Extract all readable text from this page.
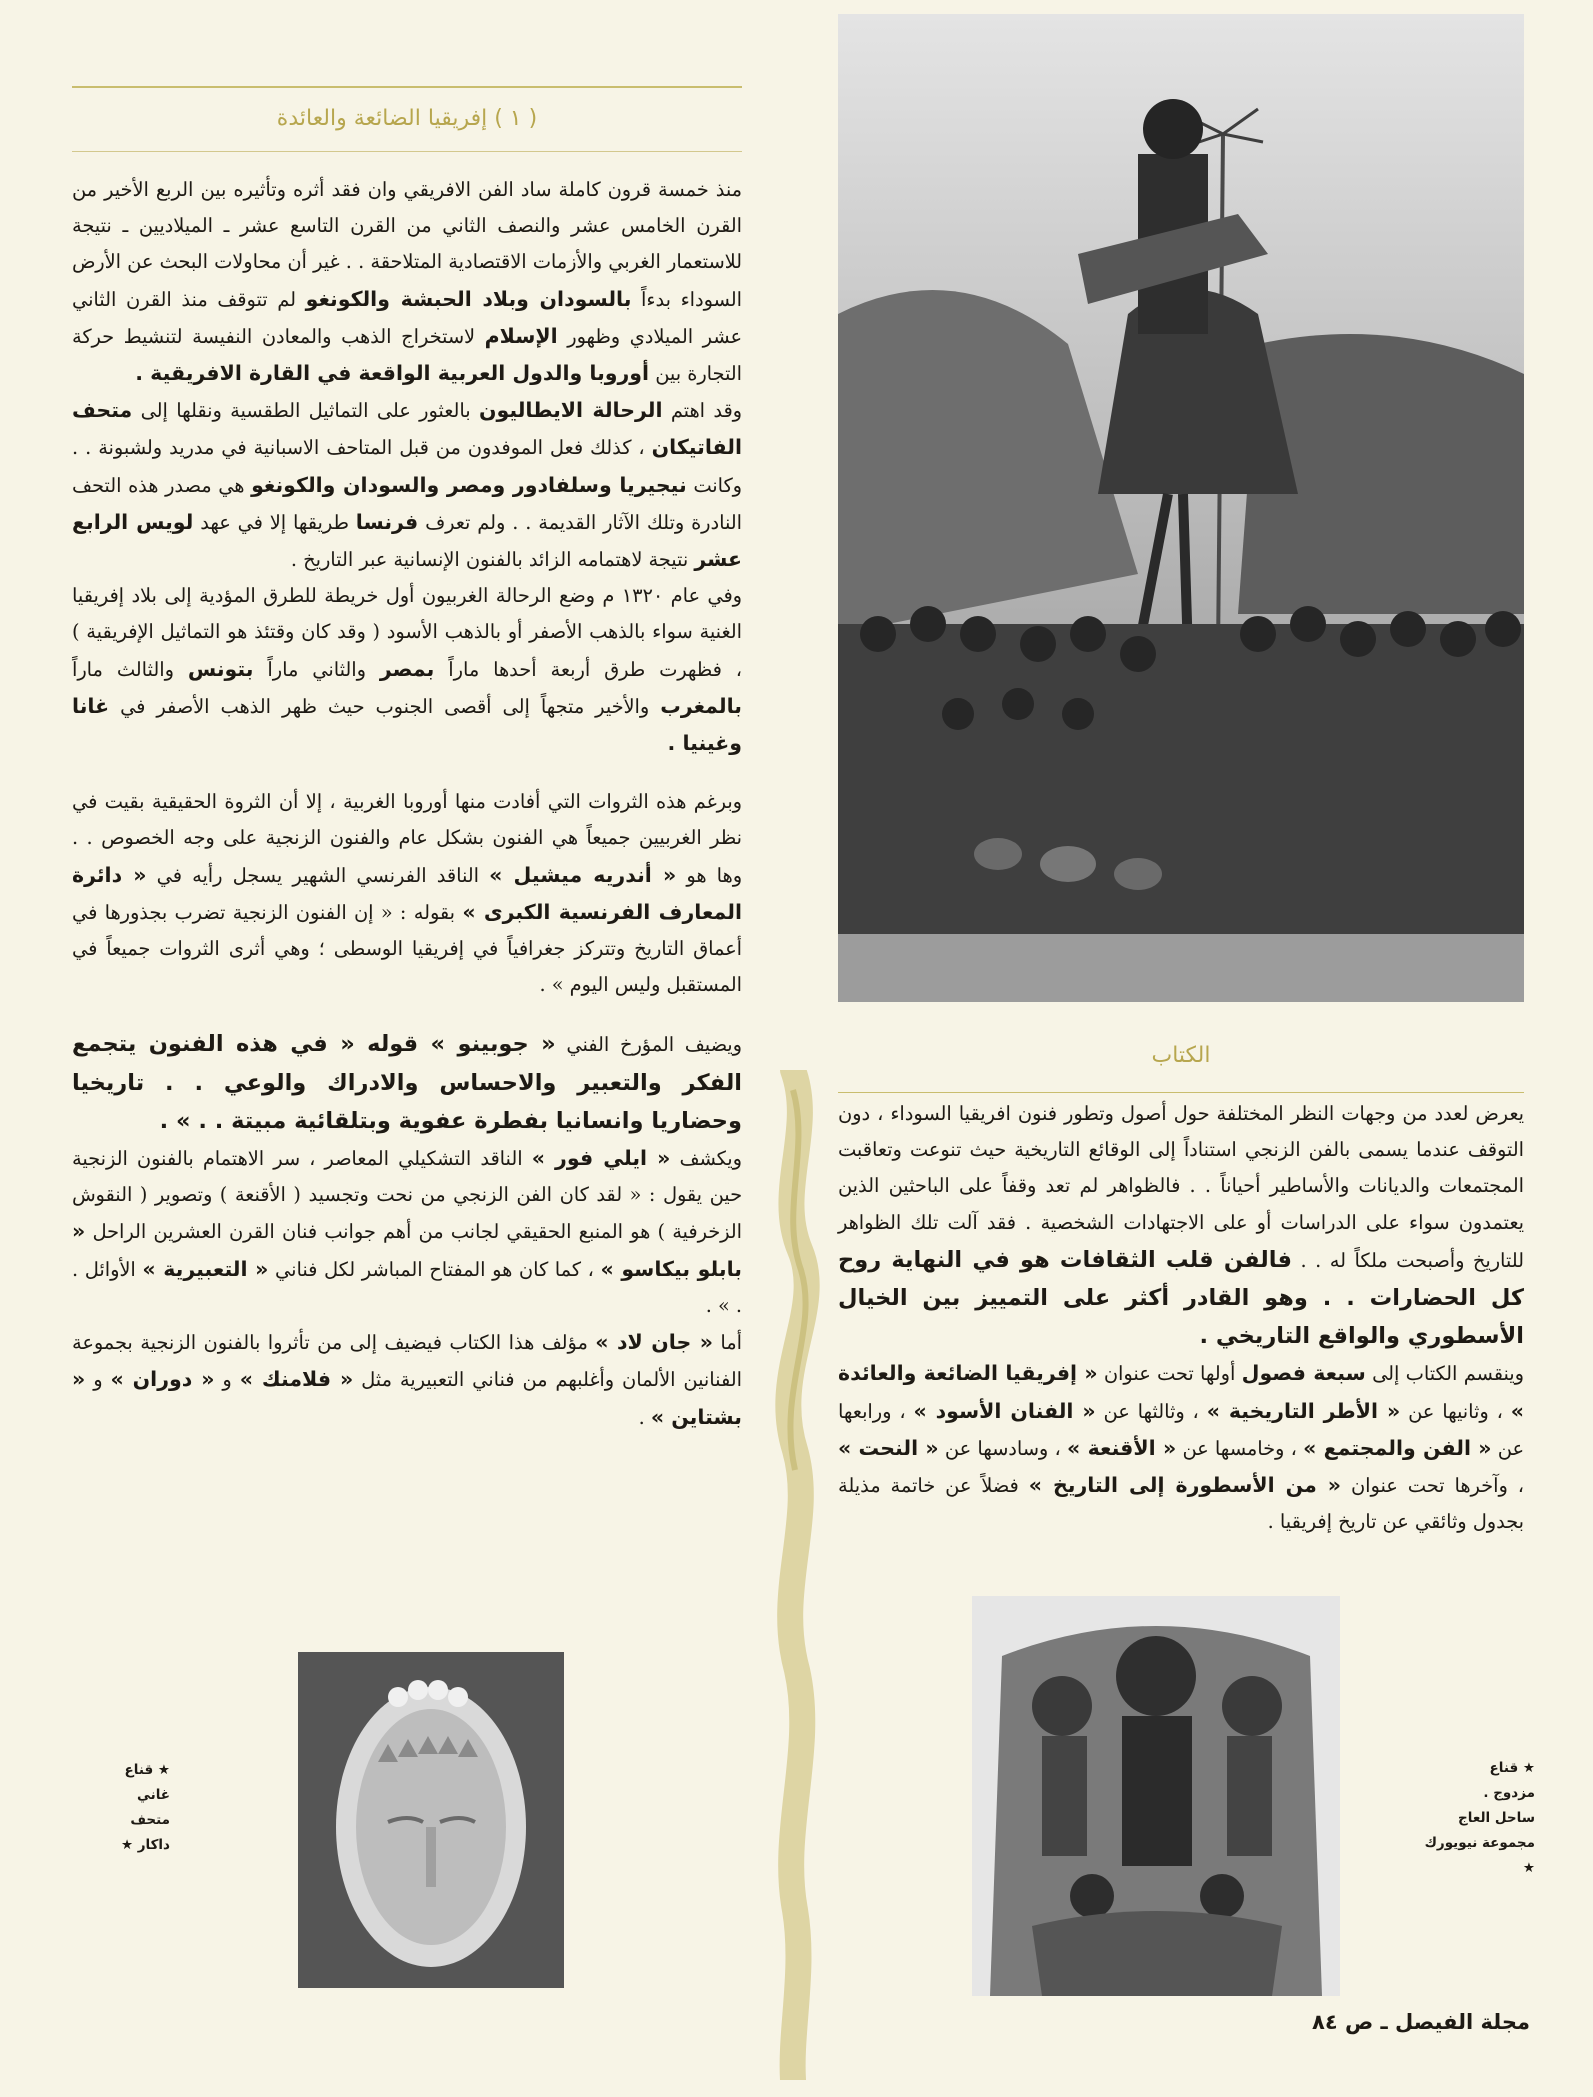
( ١ ) إفريقيا الضائعة والعائدة

منذ خمسة قرون كاملة ساد الفن الافريقي وان فقد أثره وتأثيره بين الربع الأخير من القرن الخامس عشر والنصف الثاني من القرن التاسع عشر ـ الميلاديين ـ نتيجة للاستعمار الغربي والأزمات الاقتصادية المتلاحقة . . غير أن محاولات البحث عن الأرض السوداء بدءاً بالسودان وبلاد الحبشة والكونغو لم تتوقف منذ القرن الثاني عشر الميلادي وظهور الإسلام لاستخراج الذهب والمعادن النفيسة لتنشيط حركة التجارة بين أوروبا والدول العربية الواقعة في القارة الافريقية .

وقد اهتم الرحالة الايطاليون بالعثور على التماثيل الطقسية ونقلها إلى متحف الفاتيكان ، كذلك فعل الموفدون من قبل المتاحف الاسبانية في مدريد ولشبونة . . وكانت نيجيريا وسلفادور ومصر والسودان والكونغو هي مصدر هذه التحف النادرة وتلك الآثار القديمة . . ولم تعرف فرنسا طريقها إلا في عهد لويس الرابع عشر نتيجة لاهتمامه الزائد بالفنون الإنسانية عبر التاريخ .

وفي عام ١٣٢٠ م وضع الرحالة الغربيون أول خريطة للطرق المؤدية إلى بلاد إفريقيا الغنية سواء بالذهب الأصفر أو بالذهب الأسود ( وقد كان وقتئذ هو التماثيل الإفريقية ) ، فظهرت طرق أربعة أحدها ماراً بمصر والثاني ماراً بتونس والثالث ماراً بالمغرب والأخير متجهاً إلى أقصى الجنوب حيث ظهر الذهب الأصفر في غانا وغينيا .

وبرغم هذه الثروات التي أفادت منها أوروبا الغربية ، إلا أن الثروة الحقيقية بقيت في نظر الغربيين جميعاً هي الفنون بشكل عام والفنون الزنجية على وجه الخصوص . . وها هو « أندريه ميشيل » الناقد الفرنسي الشهير يسجل رأيه في « دائرة المعارف الفرنسية الكبرى » بقوله : « إن الفنون الزنجية تضرب بجذورها في أعماق التاريخ وتتركز جغرافياً في إفريقيا الوسطى ؛ وهي أثرى الثروات جميعاً في المستقبل وليس اليوم » .

ويضيف المؤرخ الفني « جوبينو » قوله « في هذه الفنون يتجمع الفكر والتعبير والاحساس والادراك والوعي . . تاريخيا وحضاريا وانسانيا بفطرة عفوية وبتلقائية مبيتة . . » .

ويكشف « ايلي فور » الناقد التشكيلي المعاصر ، سر الاهتمام بالفنون الزنجية حين يقول : « لقد كان الفن الزنجي من نحت وتجسيد ( الأقنعة ) وتصوير ( النقوش الزخرفية ) هو المنبع الحقيقي لجانب من أهم جوانب فنان القرن العشرين الراحل « بابلو بيكاسو » ، كما كان هو المفتاح المباشر لكل فناني « التعبيرية » الأوائل . . » .

أما « جان لاد » مؤلف هذا الكتاب فيضيف إلى من تأثروا بالفنون الزنجية بجموعة الفنانين الألمان وأغلبهم من فناني التعبيرية مثل « فلامنك » و « دوران » و « بشتاين » .

الكتاب

يعرض لعدد من وجهات النظر المختلفة حول أصول وتطور فنون افريقيا السوداء ، دون التوقف عندما يسمى بالفن الزنجي استناداً إلى الوقائع التاريخية حيث تنوعت وتعاقبت المجتمعات والديانات والأساطير أحياناً . . فالظواهر لم تعد وقفاً على الباحثين الذين يعتمدون سواء على الدراسات أو على الاجتهادات الشخصية . فقد آلت تلك الظواهر للتاريخ وأصبحت ملكاً له . . فالفن قلب الثقافات هو في النهاية روح كل الحضارات . . وهو القادر أكثر على التمييز بين الخيال الأسطوري والواقع التاريخي .

وينقسم الكتاب إلى سبعة فصول أولها تحت عنوان « إفريقيا الضائعة والعائدة » ، وثانيها عن « الأطر التاريخية » ، وثالثها عن « الفنان الأسود » ، ورابعها عن « الفن والمجتمع » ، وخامسها عن « الأقنعة » ، وسادسها عن « النحت » ، وآخرها تحت عنوان « من الأسطورة إلى التاريخ » فضلاً عن خاتمة مذيلة بجدول وثائقي عن تاريخ إفريقيا .

★ قناع
غاني
متحف
داكار ★
★ قناع
مزدوج .
ساحل العاج
مجموعة نيويورك ★
مجلة الفيصل ـ ص ٨٤
